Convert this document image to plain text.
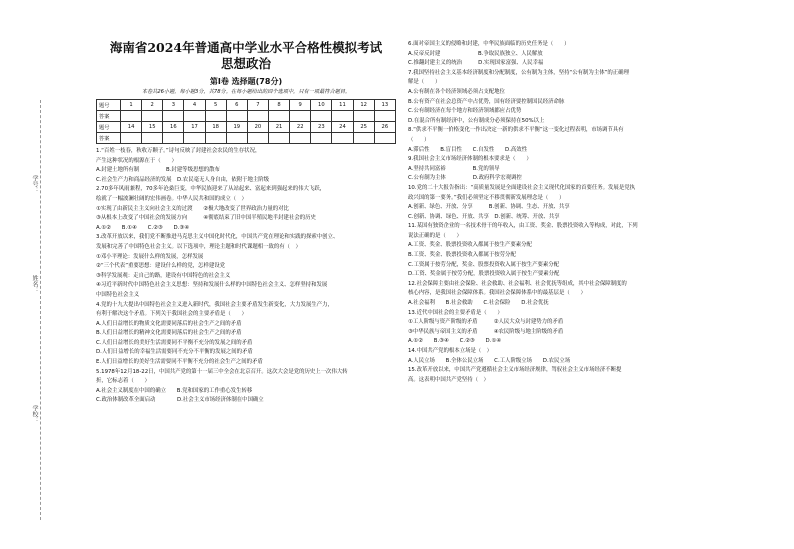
学号：
姓名：
学校：

海南省2024年普通高中学业水平合格性模拟考试

思想政治

第Ⅰ卷 选择题(78分)
本卷共26小题，每小题3分，共78分。在每小题给出的四个选项中，只有一项最符合题目。
题号	1	2	3	4	5	6	7	8	9	10	11	12	13
答案													
题号	14	15	16	17	18	19	20	21	22	23	24	25	26
答案													

1.“百姓一枝春，秋收万颗子。”诗句反映了封建社会农民的生存状况，

产生这种状况的根源在于（　　）

A.封建土地所有制　　　　　B.封建等级思想的散布

C.社会生产力和商品经济的发展　D.农民毫无人身自由，依附于地主阶级

2.70多年风雨兼程，70多年沧桑巨变，中华民族迎来了从站起来、富起来到强起来的伟大飞跃，

绘就了一幅波澜壮阔的宏伟画卷。中华人民共和国的成立（　）

①实现了由新民主主义向社会主义的过渡　　②极大地改变了世界政治力量的对比

③从根本上改变了中国社会的发展方向　　　④彻底结束了旧中国半殖民地半封建社会的历史

A.①②　　B.①④　　C.②③　　D.③④

3.改革开放以来，我们党不断推进马克思主义中国化时代化，中国共产党在理论和实践的探索中创立、

发展和完善了中国特色社会主义。以下选项中，理论主题和时代课题相一致的有（　）

①邓小平理论：发展什么样的发展，怎样发展

②“三个代表”重要思想：建设什么样的党，怎样建设党

③科学发展观：走自己的路，建设有中国特色的社会主义

④习近平新时代中国特色社会主义思想：坚持和发展什么样的中国特色社会主义、怎样坚持和发展

中国特色社会主义

4.党的十九大提出中国特色社会主义进入新时代，我国社会主要矛盾发生新变化，大力发展生产力，

有利于解决这个矛盾。下列关于我国社会的主要矛盾是（　　）

A.人们日益增长的物质文化需要同落后的社会生产之间的矛盾

B.人们日益增长的精神文化需要同落后的社会生产之间的矛盾

C.人们日益增长的美好生活需要同不平衡不充分的发展之间的矛盾

D.人们日益增长的幸福生活需要同不充分不平衡的发展之间的矛盾

E.人们日益增长的美好生活需要同不平衡不充分的社会生产之间的矛盾

5.1978年12月18-22日，中国共产党的第十一届三中全会在北京召开。这次大会是党的历史上一次伟大转

折，它标志着（　　）

A.社会主义制度在中国的确立　　B.党和国家的工作重心发生转移

C.政治体制改革全面启动　　　　D.社会主义市场经济体制在中国确立

6.面对帝国主义的侵略和封建，中华民族面临的历史任务是（　　）

A.反帝反封建　　　　　　　B.争取民族独立、人民解放

C.推翻封建主义的统治　　　D.实现国家富强、人民幸福

7.我国坚持社会主义基本经济制度和分配制度，公有制为主体，坚持“公有制为主体”的正确理

解是（　　）

A.公有制在各个经济领域必须占支配地位

B.公有资产在社会总资产中占优势，国有经济要控制国民经济命脉

C.公有制经济在每个地方和经济领域都应占优势

D.在混合所有制经济中，公有制成分必须保持在50%以上

8.“供求不平衡一价格变化一作出决定一新的供求不平衡”这一变化过程表明，市场调节具有

（　　）

A.滞后性　　B.盲目性　　C.自发性　　D.高效性

9.我国社会主义市场经济体制的根本要求是（　　）

A.坚持共同富裕　　　　　B.党的领导

C.公有制为主体　　　　　D.政府科学宏观调控

10.党的二十大报告指出：“高质量发展是全面建设社会主义现代化国家的首要任务。发展是党执

政兴国的第一要务。”我们必须坚定不移贯彻新发展理念是（　　）

A.创新、绿色、开放、分享　　　B.创新、协调、生态、开放、共享

C.创新、协调、绿色、开放、共享　D.创新、统筹、开放、共享

11.某国有独资企业的一名技术骨干的年收入，由工资、奖金、股票投资收入等构成，对此，下列

说法正确的是（　　）

A.工资、奖金、股票投资收入都属于按生产要素分配

B.工资、奖金、股票投资收入都属于按劳分配

C.工资属于按劳分配，奖金、股票投资收入属于按生产要素分配

D.工资、奖金属于按劳分配，股票投资收入属于按生产要素分配

12.社会保障主要由社会保险、社会救助、社会福利、社会优抚等组成，其中社会保障制度的

核心内容，是我国社会保障体系。我国社会保障体系中的最基层是（　　）

A.社会福利　　B.社会救助　　C.社会保险　　D.社会优抚

13.近代中国社会的主要矛盾是（　　）

①工人阶级与资产阶级的矛盾　　　②人民大众与封建势力的矛盾

③中华民族与帝国主义的矛盾　　　④农民阶级与地主阶级的矛盾

A.①②　　B.③④　　C.②③　　D.①④

14.中国共产党的根本立场是（　）

A.人民立场　　B.全体公民立场　　C.工人阶级立场　　D.农民立场

15.改革开放以来，中国共产党遵循社会主义市场经济规律，驾驭社会主义市场经济不断提

高。这表明中国共产党坚持（　）
